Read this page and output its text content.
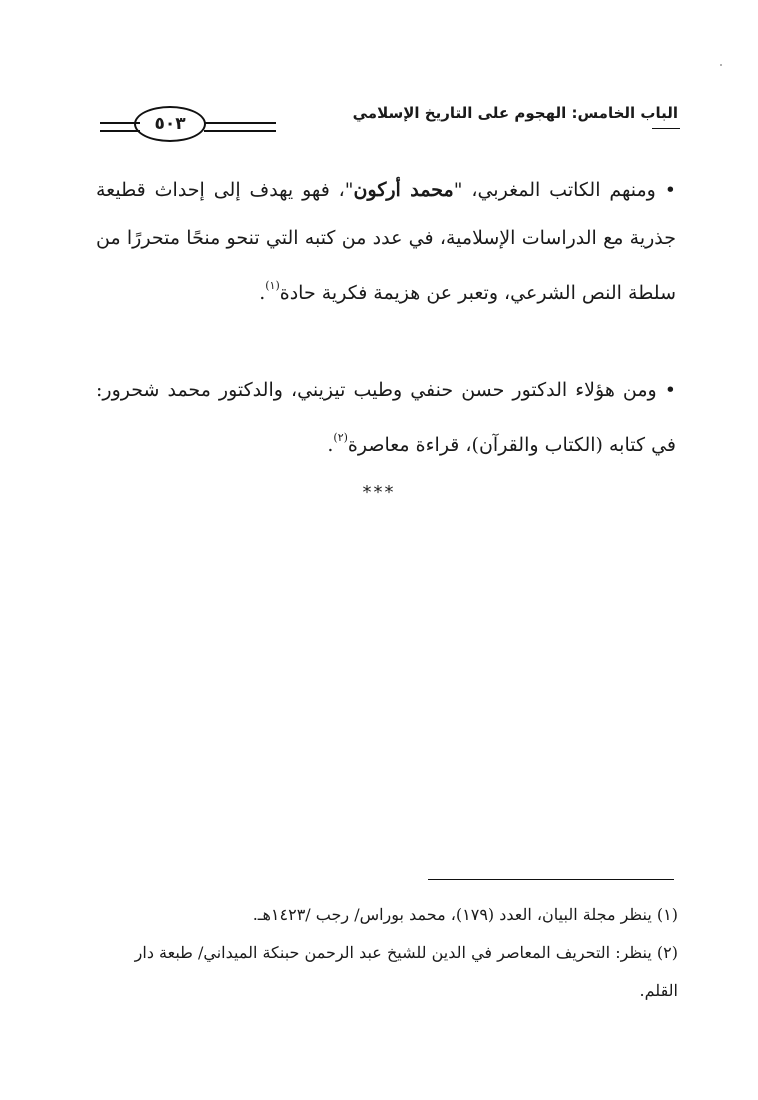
٥٠٣
الباب الخامس: الهجوم على التاريخ الإسلامي

• ومنهم الكاتب المغربي، "محمد أركون"، فهو يهدف إلى إحداث قطيعة جذرية مع الدراسات الإسلامية، في عدد من كتبه التي تنحو منحًا متحررًا من سلطة النص الشرعي، وتعبر عن هزيمة فكرية حادة$^{(١)}$.

• ومن هؤلاء الدكتور حسن حنفي وطيب تيزيني، والدكتور محمد شحرور: في كتابه (الكتاب والقرآن)، قراءة معاصرة$^{(٢)}$.

***

(١) ينظر مجلة البيان، العدد (١٧٩)، محمد بوراس/ رجب /١٤٢٣هـ.

(٢) ينظر: التحريف المعاصر في الدين للشيخ عبد الرحمن حبنكة الميداني/ طبعة دار القلم.
